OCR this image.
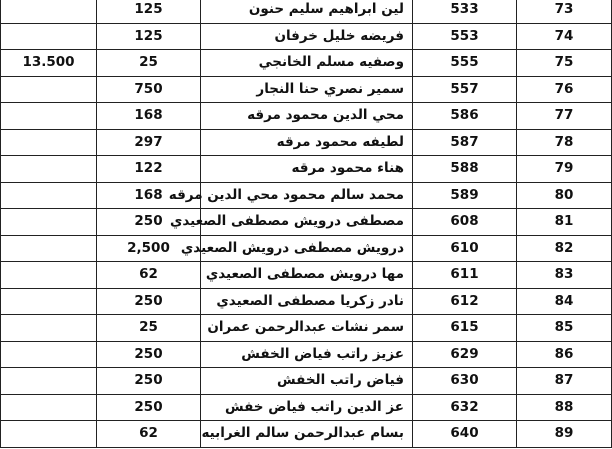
	125	لين ابراهيم سليم حنون	533	73
	125	فريضه خليل خرفان	553	74
13.500	25	وصفيه مسلم الخانجي	555	75
	750	سمير نصري حنا النجار	557	76
	168	محي الدين محمود مرقه	586	77
	297	لطيفه محمود مرقه	587	78
	122	هناء محمود مرقه	588	79
	168	محمد سالم محمود محي الدين مرقه	589	80
	250	مصطفى درويش مصطفى الصعيدي	608	81
	2,500	درويش مصطفى درويش الصعيدي	610	82
	62	مها درويش مصطفى الصعيدي	611	83
	250	نادر زكريا مصطفى الصعيدي	612	84
	25	سمر نشات عبدالرحمن عمران	615	85
	250	عزيز راتب فياض الخفش	629	86
	250	فياض راتب الخفش	630	87
	250	عز الدين راتب فياض خفش	632	88
	62	بسام عبدالرحمن سالم الغرابيه	640	89
